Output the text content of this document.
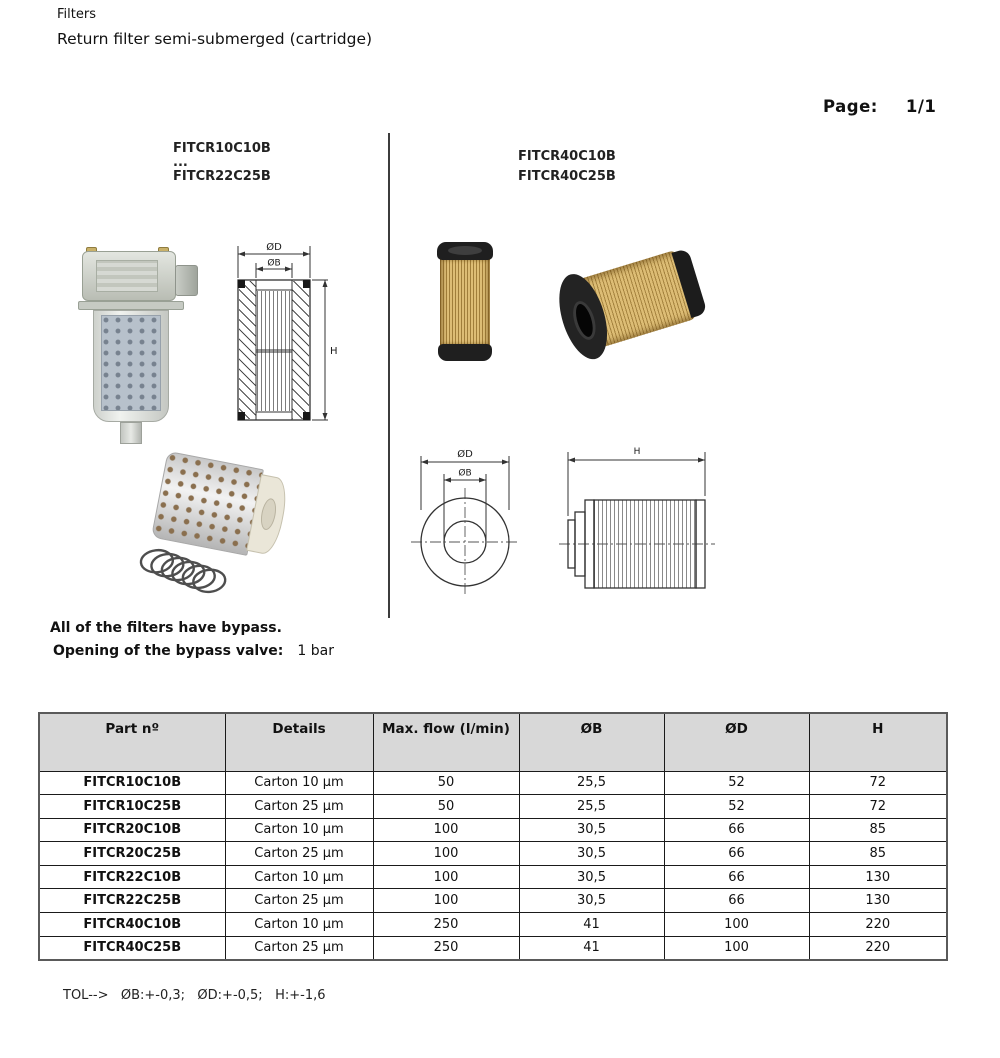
Filters
Return filter semi-submerged (cartridge)
Page: 1/1
FITCR10C10B
...
FITCR22C25B
FITCR40C10B
FITCR40C25B
ØD
ØB
H
ØD
ØB
H
All of the filters have bypass.
Opening of the bypass valve: 1 bar
Part nº	Details	Max. flow (l/min)	ØB	ØD	H
FITCR10C10B	Carton 10 µm	50	25,5	52	72
FITCR10C25B	Carton 25 µm	50	25,5	52	72
FITCR20C10B	Carton 10 µm	100	30,5	66	85
FITCR20C25B	Carton 25 µm	100	30,5	66	85
FITCR22C10B	Carton 10 µm	100	30,5	66	130
FITCR22C25B	Carton 25 µm	100	30,5	66	130
FITCR40C10B	Carton 10 µm	250	41	100	220
FITCR40C25B	Carton 25 µm	250	41	100	220
TOL-->   ØB:+-0,3;   ØD:+-0,5;   H:+-1,6
